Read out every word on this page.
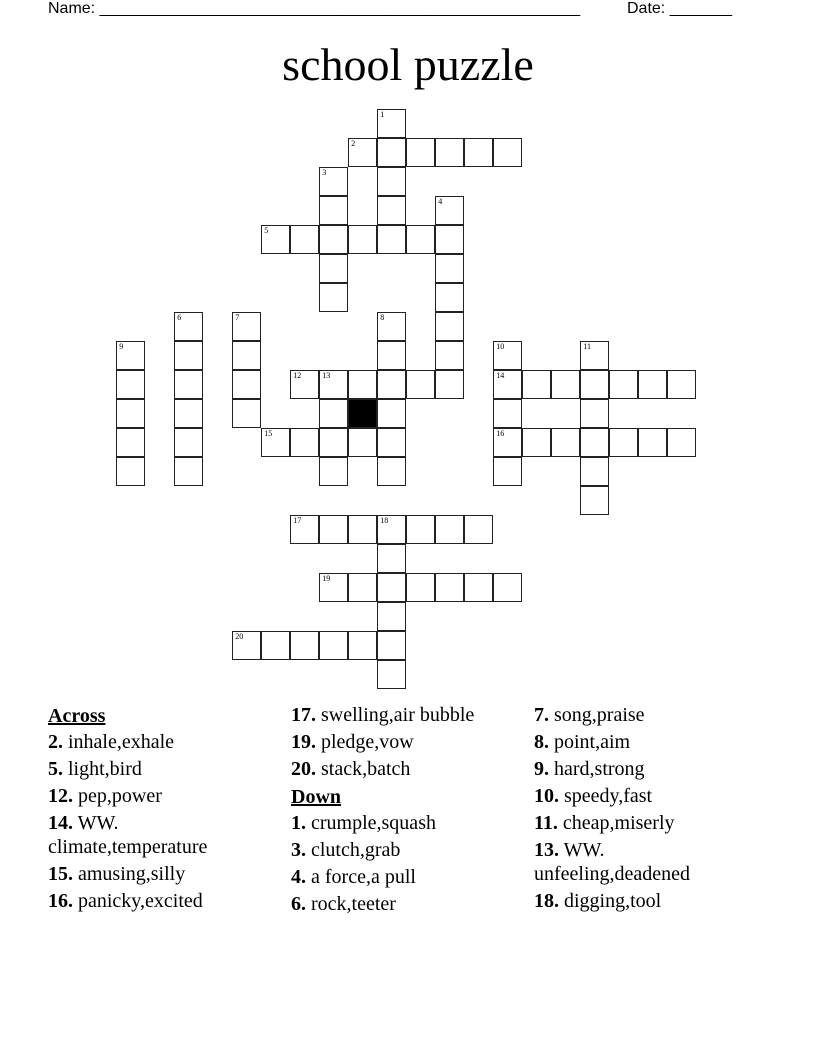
Name: ______________________________________________________	Date: _______
school puzzle
1
2
3
4
5
6	7	8
9	10
14
16
11
12	13
15
17	18
19
20
Across
2. inhale,exhale
5. light,bird
12. pep,power
14. WW. climate,temperature
15. amusing,silly
16. panicky,excited
17. swelling,air bubble
19. pledge,vow
20. stack,batch
Down
1. crumple,squash
3. clutch,grab
4. a force,a pull
6. rock,teeter
7. song,praise
8. point,aim
9. hard,strong
10. speedy,fast
11. cheap,miserly
13. WW. unfeeling,deadened
18. digging,tool
